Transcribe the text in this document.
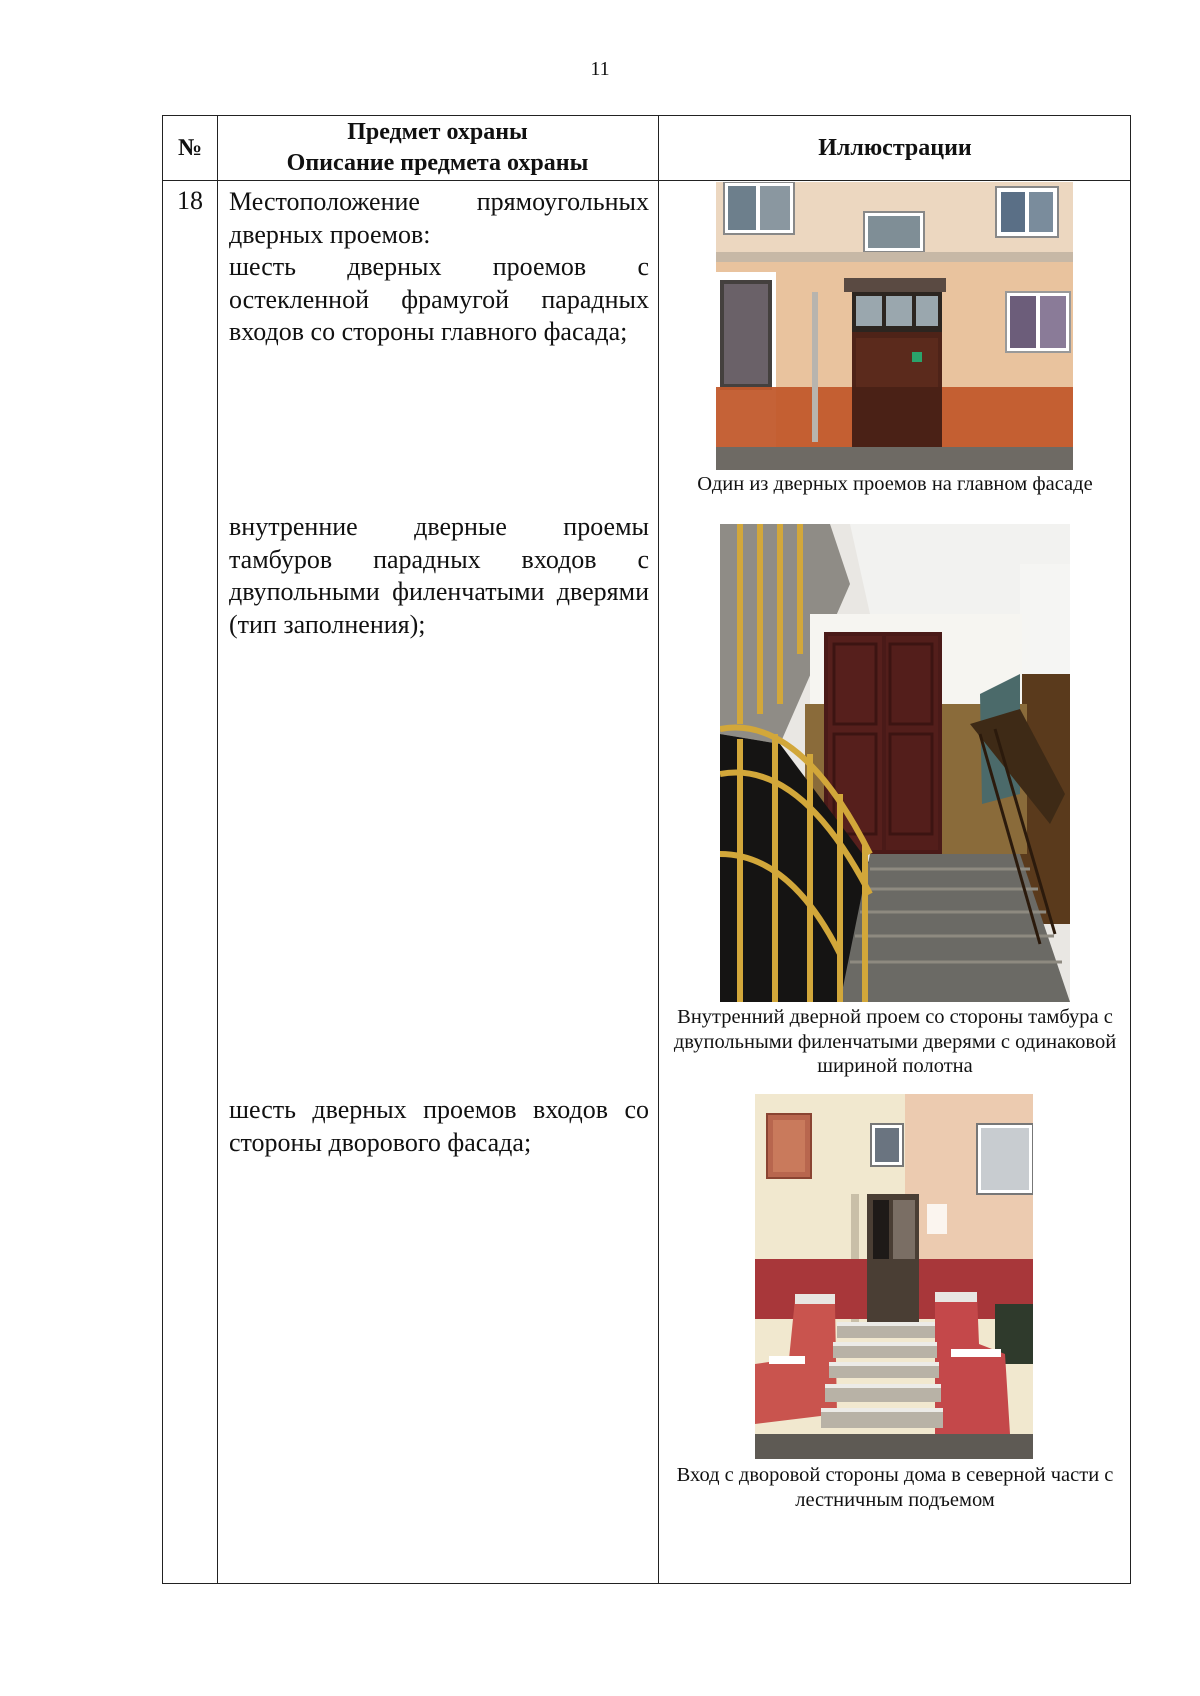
11
№
Предмет охраны
Описание предмета охраны
Иллюстрации
18	Местоположение прямоугольных дверных проемов:
шесть дверных проемов с остекленной фрамугой парадных входов со стороны главного фасада;
внутренние дверные проемы тамбуров парадных входов с двупольными филенчатыми дверями (тип заполнения);
шесть дверных проемов входов со стороны дворового фасада;
Один из дверных проемов на главном фасаде
Внутренний дверной проем со стороны тамбура с двупольными филенчатыми дверями с одинаковой шириной полотна
Вход с дворовой стороны дома в северной части с лестничным подъемом
